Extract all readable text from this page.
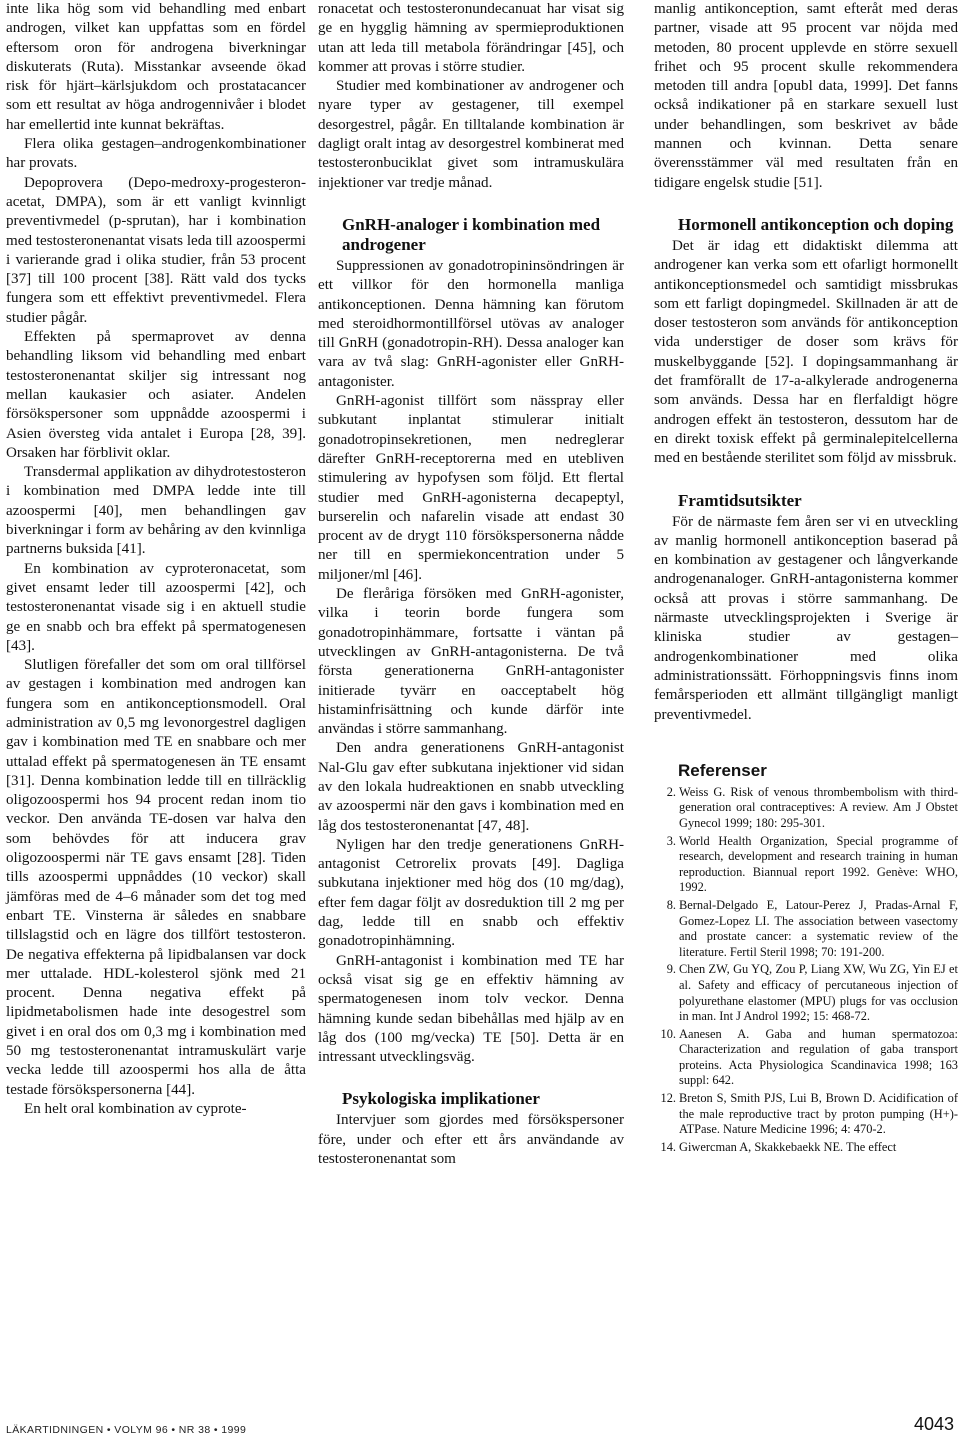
inte lika hög som vid behandling med enbart androgen, vilket kan uppfattas som en fördel eftersom oron för androgena biverkningar diskuterats (Ruta). Misstankar avseende ökad risk för hjärt–kärlsjukdom och prostatacancer som ett resultat av höga androgennivåer i blodet har emellertid inte kunnat bekräftas.

Flera olika gestagen–androgenkombinationer har provats.

Depoprovera (Depo-medroxy-progesteron-acetat, DMPA), som är ett vanligt kvinnligt preventivmedel (p-sprutan), har i kombination med testosteronenantat visats leda till azoospermi i varierande grad i olika studier, från 53 procent [37] till 100 procent [38]. Rätt vald dos tycks fungera som ett effektivt preventivmedel. Flera studier pågår.

Effekten på spermaprovet av denna behandling liksom vid behandling med enbart testosteronenantat skiljer sig intressant nog mellan kaukasier och asiater. Andelen försökspersoner som uppnådde azoospermi i Asien översteg vida antalet i Europa [28, 39]. Orsaken har förblivit oklar.

Transdermal applikation av dihydrotestosteron i kombination med DMPA ledde inte till azoospermi [40], men behandlingen gav biverkningar i form av behåring av den kvinnliga partnerns buksida [41].

En kombination av cyproteronacetat, som givet ensamt leder till azoospermi [42], och testosteronenantat visade sig i en aktuell studie ge en snabb och bra effekt på spermatogenesen [43].

Slutligen förefaller det som om oral tillförsel av gestagen i kombination med androgen kan fungera som en antikonceptionsmodell. Oral administration av 0,5 mg levonorgestrel dagligen gav i kombination med TE en snabbare och mer uttalad effekt på spermatogenesen än TE ensamt [31]. Denna kombination ledde till en tillräcklig oligozoospermi hos 94 procent redan inom tio veckor. Den använda TE-dosen var halva den som behövdes för att inducera grav oligozoospermi när TE gavs ensamt [28]. Tiden tills azoospermi uppnåddes (10 veckor) skall jämföras med de 4–6 månader som det tog med enbart TE. Vinsterna är således en snabbare tillslagstid och en lägre dos tillfört testosteron. De negativa effekterna på lipidbalansen var dock mer uttalade. HDL-kolesterol sjönk med 21 procent. Denna negativa effekt på lipidmetabolismen hade inte desogestrel som givet i en oral dos om 0,3 mg i kombination med 50 mg testosteronenantat intramuskulärt varje vecka ledde till azoospermi hos alla de åtta testade försökspersonerna [44].

En helt oral kombination av cyprote-

ronacetat och testosteronundecanuat har visat sig ge en hygglig hämning av spermieproduktionen utan att leda till metabola förändringar [45], och kommer att provas i större studier.

Studier med kombinationer av androgener och nyare typer av gestagener, till exempel desorgestrel, pågår. En tilltalande kombination är dagligt oralt intag av desorgestrel kombinerat med testosteronbuciklat givet som intramuskulära injektioner var tredje månad.

GnRH-analoger i kombination med androgener

Suppressionen av gonadotropininsöndringen är ett villkor för den hormonella manliga antikonceptionen. Denna hämning kan förutom med steroidhormontillförsel utövas av analoger till GnRH (gonadotropin-RH). Dessa analoger kan vara av två slag: GnRH-agonister eller GnRH-antagonister.

GnRH-agonist tillfört som nässpray eller subkutant inplantat stimulerar initialt gonadotropinsekretionen, men nedreglerar därefter GnRH-receptorerna med en utebliven stimulering av hypofysen som följd. Ett flertal studier med GnRH-agonisterna decapeptyl, burserelin och nafarelin visade att endast 30 procent av de drygt 110 försökspersonerna nådde ner till en spermiekoncentration under 5 miljoner/ml [46].

De fleråriga försöken med GnRH-agonister, vilka i teorin borde fungera som gonadotropinhämmare, fortsatte i väntan på utvecklingen av GnRH-antagonisterna. De två första generationerna GnRH-antagonister initierade tyvärr en oacceptabelt hög histaminfrisättning och kunde därför inte användas i större sammanhang.

Den andra generationens GnRH-antagonist Nal-Glu gav efter subkutana injektioner vid sidan av den lokala hudreaktionen en snabb utveckling av azoospermi när den gavs i kombination med en låg dos testosteronenantat [47, 48].

Nyligen har den tredje generationens GnRH-antagonist Cetrorelix provats [49]. Dagliga subkutana injektioner med hög dos (10 mg/dag), efter fem dagar följt av dosreduktion till 2 mg per dag, ledde till en snabb och effektiv gonadotropinhämning.

GnRH-antagonist i kombination med TE har också visat sig ge en effektiv hämning av spermatogenesen inom tolv veckor. Denna hämning kunde sedan bibehållas med hjälp av en låg dos (100 mg/vecka) TE [50]. Detta är en intressant utvecklingsväg.

Psykologiska implikationer

Intervjuer som gjordes med försökspersoner före, under och efter ett års användande av testosteronenantat som

manlig antikonception, samt efteråt med deras partner, visade att 95 procent var nöjda med metoden, 80 procent upplevde en större sexuell frihet och 95 procent skulle rekommendera metoden till andra [opubl data, 1999]. Det fanns också indikationer på en starkare sexuell lust under behandlingen, som beskrivet av både mannen och kvinnan. Detta senare överensstämmer väl med resultaten från en tidigare engelsk studie [51].

Hormonell antikonception och doping

Det är idag ett didaktiskt dilemma att androgener kan verka som ett ofarligt hormonellt antikonceptionsmedel och samtidigt missbrukas som ett farligt dopingmedel. Skillnaden är att de doser testosteron som används för antikonception vida understiger de doser som krävs för muskelbyggande [52]. I dopingsammanhang är det framförallt de 17-a-alkylerade androgenerna som används. Dessa har en flerfaldigt högre androgen effekt än testosteron, dessutom har de en direkt toxisk effekt på germinalepitelcellerna med en bestående sterilitet som följd av missbruk.

Framtidsutsikter

För de närmaste fem åren ser vi en utveckling av manlig hormonell antikonception baserad på en kombination av gestagener och långverkande androgenanaloger. GnRH-antagonisterna kommer också att provas i större sammanhang. De närmaste utvecklingsprojekten i Sverige är kliniska studier av gestagen–androgenkombinationer med olika administrationssätt. Förhoppningsvis finns inom femårsperioden ett allmänt tillgängligt manligt preventivmedel.

Referenser
2. Weiss G. Risk of venous thrombembolism with third-generation oral contraceptives: A review. Am J Obstet Gynecol 1999; 180: 295-301.
3. World Health Organization, Special programme of research, development and research training in human reproduction. Biannual report 1992. Genève: WHO, 1992.
8. Bernal-Delgado E, Latour-Perez J, Pradas-Arnal F, Gomez-Lopez LI. The association between vasectomy and prostate cancer: a systematic review of the literature. Fertil Steril 1998; 70: 191-200.
9. Chen ZW, Gu YQ, Zou P, Liang XW, Wu ZG, Yin EJ et al. Safety and efficacy of percutaneous injection of polyurethane elastomer (MPU) plugs for vas occlusion in man. Int J Androl 1992; 15: 468-72.
10. Aanesen A. Gaba and human spermatozoa: Characterization and regulation of gaba transport proteins. Acta Physiologica Scandinavica 1998; 163 suppl: 642.
12. Breton S, Smith PJS, Lui B, Brown D. Acidification of the male reproductive tract by proton pumping (H+)-ATPase. Nature Medicine 1996; 4: 470-2.
14. Giwercman A, Skakkebaekk NE. The effect
LÄKARTIDNINGEN • VOLYM 96 • NR 38 • 1999	4043
